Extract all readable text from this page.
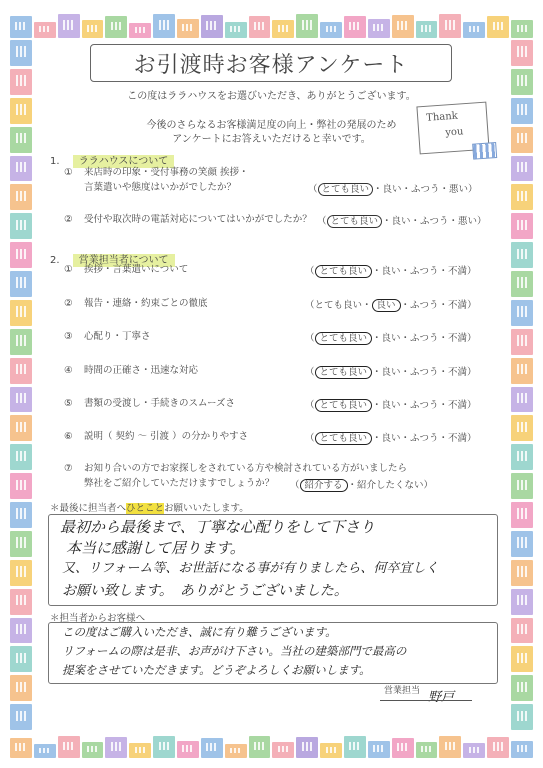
お引渡時お客様アンケート
この度はララハウスをお選びいただき、ありがとうございます。
今後のさらなるお客様満足度の向上・弊社の発展のため
アンケートにお答えいただけると幸いです。
Thank
you
1. ララハウスについて
① 来店時の印象・受付事務の笑顔 挨拶・
言葉遣いや態度はいかがでしたか？	（ とても良い ・良い・ふつう・悪い）
② 受付や取次時の電話対応についてはいかがでしたか？ （ とても良い ・良い・ふつう・悪い）
2. 営業担当者について
① 挨拶・言葉遣いについて	（ とても良い ・良い・ふつう・不満）
② 報告・連絡・約束ごとの徹底	（とても良い・ 良い ・ふつう・不満）
③ 心配り・丁寧さ	（ とても良い ・良い・ふつう・不満）
④ 時間の正確さ・迅速な対応	（ とても良い ・良い・ふつう・不満）
⑤ 書類の受渡し・手続きのスムーズさ	（ とても良い ・良い・ふつう・不満）
⑥ 説明（ 契約 〜 引渡 ）の分かりやすさ	（ とても良い ・良い・ふつう・不満）
⑦ お知り合いの方でお家探しをされている方や検討されている方がいましたら
弊社をご紹介していただけますでしょうか？ （ 紹介する ・紹介したくない）
＊最後に担当者へひとことお願いいたします。
最初から最後まで、丁寧な心配りをして下さり
本当に感謝して居ります。
又、リフォーム等、お世話になる事が有りましたら、何卒宜しく
お願い致します。　ありがとうございました。
＊担当者からお客様へ
この度はご購入いただき、誠に有り難うございます。
リフォームの際は是非、お声がけ下さい。当社の建築部門で最高の
提案をさせていただきます。どうぞよろしくお願いします。
営業担当 野戸
